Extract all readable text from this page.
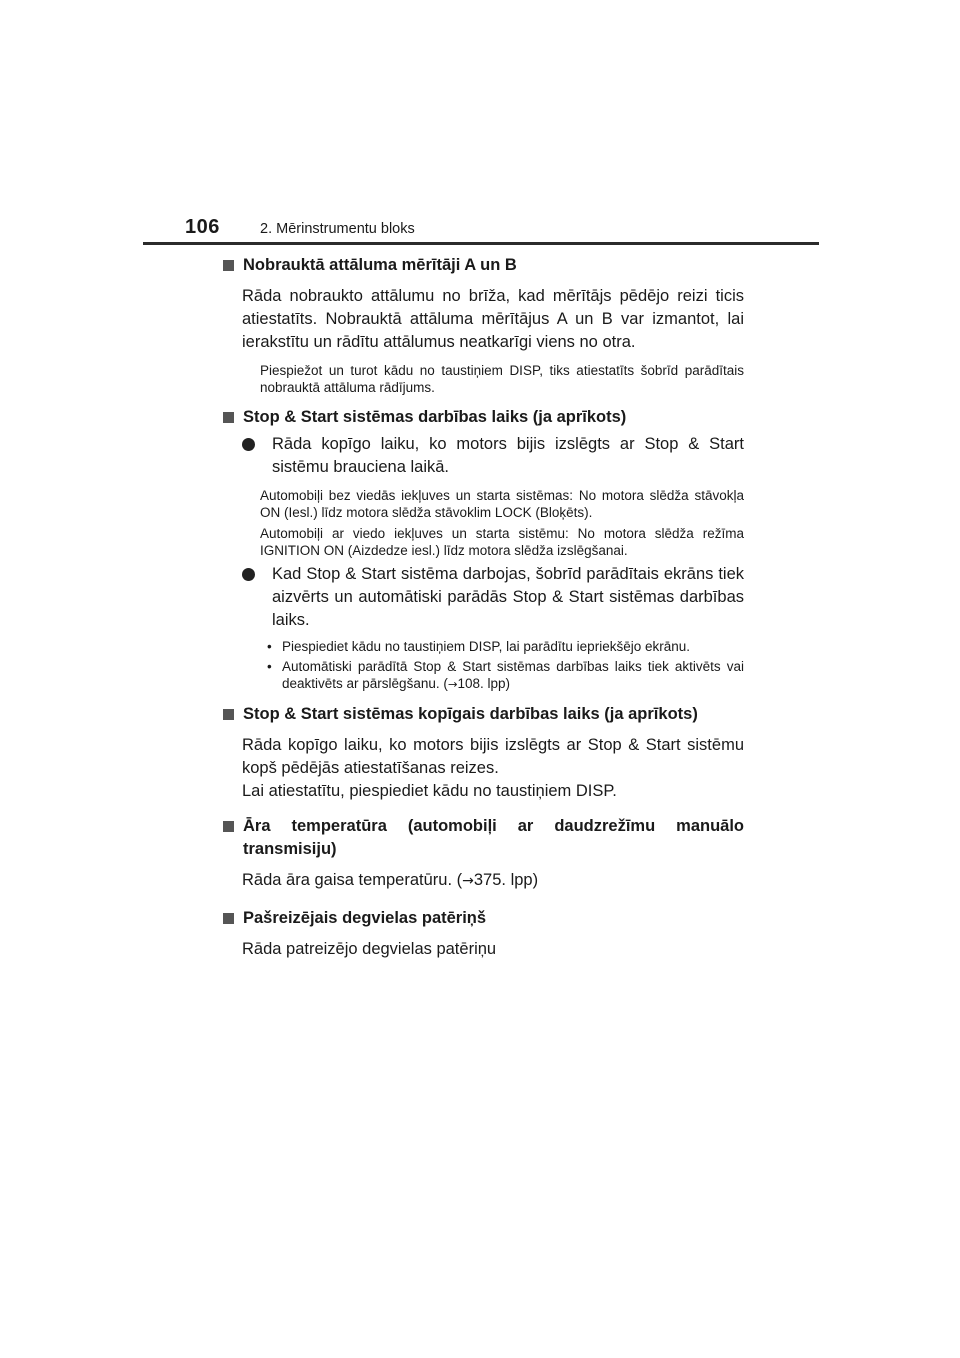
106	2. Mērinstrumentu bloks
Nobrauktā attāluma mērītāji A un B
Rāda nobraukto attālumu no brīža, kad mērītājs pēdējo reizi ticis atiestatīts. Nobrauktā attāluma mērītājus A un B var izmantot, lai ierakstītu un rādītu attālumus neatkarīgi viens no otra.
Piespiežot un turot kādu no taustiņiem DISP, tiks atiestatīts šobrīd parādītais nobrauktā attāluma rādījums.
Stop & Start sistēmas darbības laiks (ja aprīkots)
Rāda kopīgo laiku, ko motors bijis izslēgts ar Stop & Start sistēmu brauciena laikā.
Automobiļi bez viedās iekļuves un starta sistēmas: No motora slēdža stāvokļa ON (Iesl.) līdz motora slēdža stāvoklim LOCK (Bloķēts).
Automobiļi ar viedo iekļuves un starta sistēmu: No motora slēdža režīma IGNITION ON (Aizdedze iesl.) līdz motora slēdža izslēgšanai.
Kad Stop & Start sistēma darbojas, šobrīd parādītais ekrāns tiek aizvērts un automātiski parādās Stop & Start sistēmas darbības laiks.
• Piespiediet kādu no taustiņiem DISP, lai parādītu iepriekšējo ekrānu.
• Automātiski parādītā Stop & Start sistēmas darbības laiks tiek aktivēts vai deaktivēts ar pārslēgšanu. (→108. lpp)
Stop & Start sistēmas kopīgais darbības laiks (ja aprīkots)
Rāda kopīgo laiku, ko motors bijis izslēgts ar Stop & Start sistēmu kopš pēdējās atiestatīšanas reizes.
Lai atiestatītu, piespiediet kādu no taustiņiem DISP.
Āra temperatūra (automobiļi ar daudzrežīmu manuālo transmisiju)
Rāda āra gaisa temperatūru. (→375. lpp)
Pašreizējais degvielas patēriņš
Rāda patreizējo degvielas patēriņu
